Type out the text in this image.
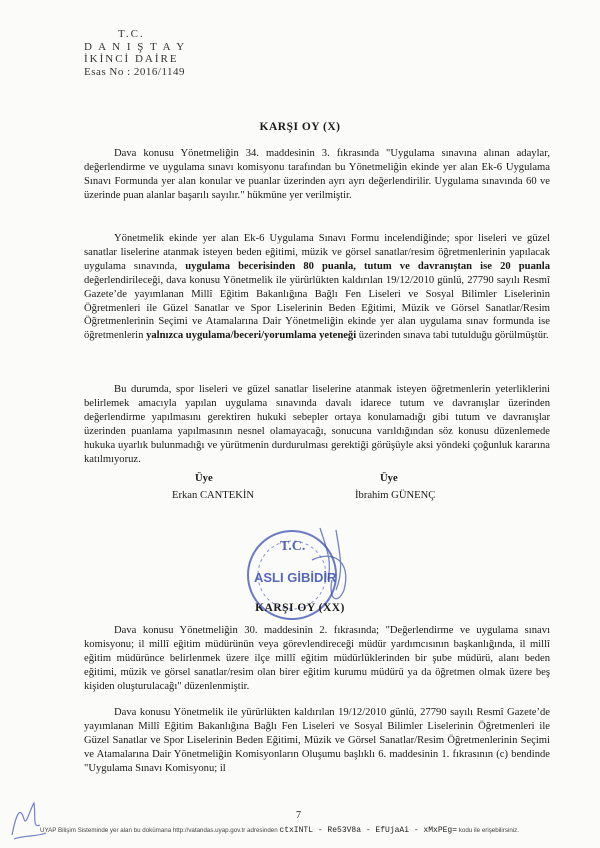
T.C.
D A N I Ş T A Y
İKİNCİ DAİRE
Esas No : 2016/1149
KARŞI OY (X)

Dava konusu Yönetmeliğin 34. maddesinin 3. fıkrasında "Uygulama sınavına alınan adaylar, değerlendirme ve uygulama sınavı komisyonu tarafından bu Yönetmeliğin ekinde yer alan Ek-6 Uygulama Sınavı Formunda yer alan konular ve puanlar üzerinden ayrı ayrı değerlendirilir. Uygulama sınavında 60 ve üzerinde puan alanlar başarılı sayılır." hükmüne yer verilmiştir.

Yönetmelik ekinde yer alan Ek-6 Uygulama Sınavı Formu incelendiğinde; spor liseleri ve güzel sanatlar liselerine atanmak isteyen beden eğitimi, müzik ve görsel sanatlar/resim öğretmenlerinin yapılacak uygulama sınavında, uygulama becerisinden 80 puanla, tutum ve davranıştan ise 20 puanla değerlendirileceği, dava konusu Yönetmelik ile yürürlükten kaldırılan 19/12/2010 günlü, 27790 sayılı Resmî Gazete’de yayımlanan Millî Eğitim Bakanlığına Bağlı Fen Liseleri ve Sosyal Bilimler Liselerinin Öğretmenleri ile Güzel Sanatlar ve Spor Liselerinin Beden Eğitimi, Müzik ve Görsel Sanatlar/Resim Öğretmenlerinin Seçimi ve Atamalarına Dair Yönetmeliğin ekinde yer alan uygulama sınav formunda ise öğretmenlerin yalnızca uygulama/beceri/yorumlama yeteneği üzerinden sınava tabi tutulduğu görülmüştür.

Bu durumda, spor liseleri ve güzel sanatlar liselerine atanmak isteyen öğretmenlerin yeterliklerini belirlemek amacıyla yapılan uygulama sınavında davalı idarece tutum ve davranışlar üzerinden değerlendirme yapılmasını gerektiren hukuki sebepler ortaya konulamadığı gibi tutum ve davranışlar üzerinden puanlama yapılmasının nesnel olamayacağı, sonucuna varıldığından söz konusu düzenlemede hukuka uyarlık bulunmadığı ve yürütmenin durdurulması gerektiği görüşüyle aksi yöndeki çoğunluk kararına katılmıyoruz.

Üye
Erkan CANTEKİN
Üye
İbrahim GÜNENÇ
T.C.
ASLI GİBİDİR
KARŞI OY (XX)

Dava konusu Yönetmeliğin 30. maddesinin 2. fıkrasında; "Değerlendirme ve uygulama sınavı komisyonu; il millî eğitim müdürünün veya görevlendireceği müdür yardımcısının başkanlığında, il millî eğitim müdürünce belirlenmek üzere ilçe millî eğitim müdürlüklerinden bir şube müdürü, alanı beden eğitimi, müzik ve görsel sanatlar/resim olan birer eğitim kurumu müdürü ya da öğretmen olmak üzere beş kişiden oluşturulacağı" düzenlenmiştir.

Dava konusu Yönetmelik ile yürürlükten kaldırılan 19/12/2010 günlü, 27790 sayılı Resmî Gazete’de yayımlanan Millî Eğitim Bakanlığına Bağlı Fen Liseleri ve Sosyal Bilimler Liselerinin Öğretmenleri ile Güzel Sanatlar ve Spor Liselerinin Beden Eğitimi, Müzik ve Görsel Sanatlar/Resim Öğretmenlerinin Seçimi ve Atamalarına Dair Yönetmeliğin Komisyonların Oluşumu başlıklı 6. maddesinin 1. fıkrasının (c) bendinde "Uygulama Sınavı Komisyonu; il

7
UYAP Bilişim Sisteminde yer alan bu dokümana http://vatandas.uyap.gov.tr adresinden ctxINTL - Re53V8a - EfUjaAi - xMxPEg= kodu ile erişebilirsiniz.
